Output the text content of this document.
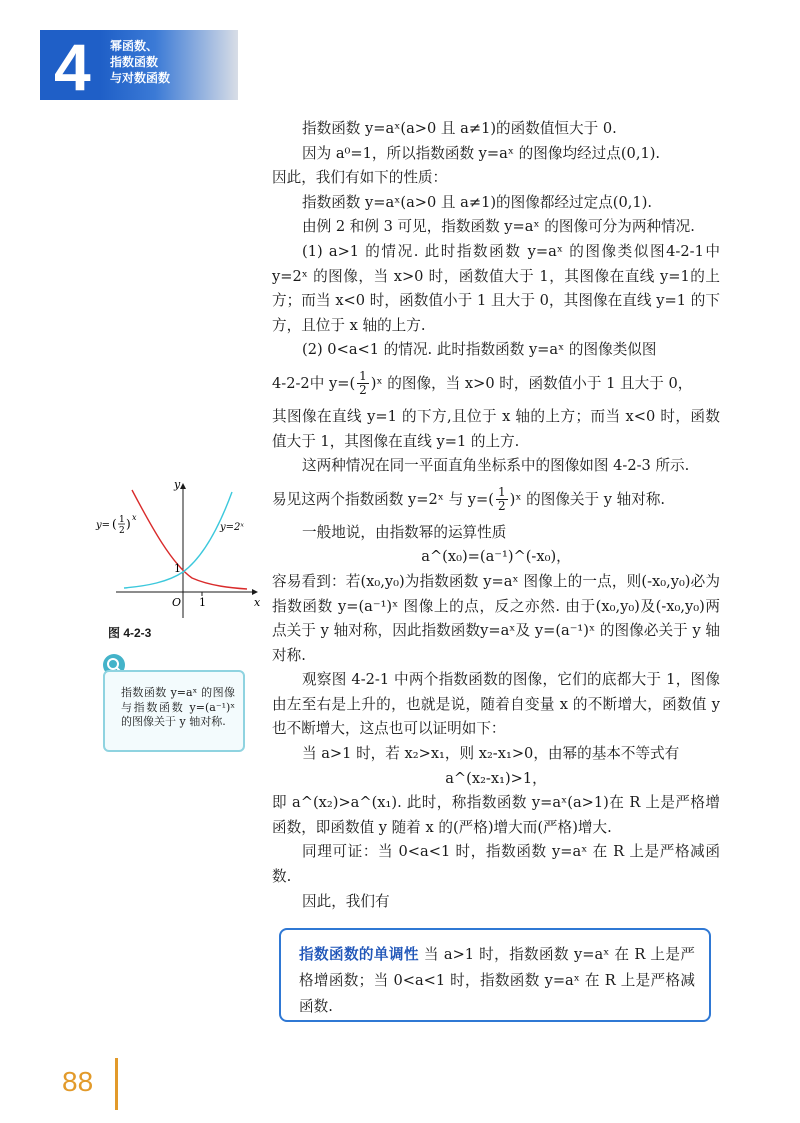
4 幂函数、
指数函数
与对数函数

指数函数 y=aˣ(a>0 且 a≠1)的函数值恒大于 0.

因为 a⁰=1，所以指数函数 y=aˣ 的图像均经过点(0,1).

因此，我们有如下的性质：

指数函数 y=aˣ(a>0 且 a≠1)的图像都经过定点(0,1).

由例 2 和例 3 可见，指数函数 y=aˣ 的图像可分为两种情况.

(1) a>1 的情况. 此时指数函数 y=aˣ 的图像类似图4-2-1中 y=2ˣ 的图像，当 x>0 时，函数值大于 1，其图像在直线 y=1的上方；而当 x<0 时，函数值小于 1 且大于 0，其图像在直线 y=1 的下方，且位于 x 轴的上方.

(2) 0<a<1 的情况. 此时指数函数 y=aˣ 的图像类似图

4-2-2中 $y=( \frac{1}{2}$ )ˣ 的图像，当 x>0 时，函数值小于 1 且大于 0，

其图像在直线 y=1 的下方,且位于 x 轴的上方；而当 x<0 时，函数值大于 1，其图像在直线 y=1 的上方.

这两种情况在同一平面直角坐标系中的图像如图 4-2-3 所示.

易见这两个指数函数 y=2ˣ 与 $y=( \frac{1}{2}$ )ˣ 的图像关于 y 轴对称.

一般地说，由指数幂的运算性质

a^(x₀)=(a⁻¹)^(-x₀)，

容易看到：若(x₀,y₀)为指数函数 y=aˣ 图像上的一点，则(-x₀,y₀)必为指数函数 y=(a⁻¹)ˣ 图像上的点，反之亦然. 由于(x₀,y₀)及(-x₀,y₀)两点关于 y 轴对称，因此指数函数y=aˣ及 y=(a⁻¹)ˣ 的图像必关于 y 轴对称.

观察图 4-2-1 中两个指数函数的图像，它们的底都大于 1，图像由左至右是上升的，也就是说，随着自变量 x 的不断增大，函数值 y 也不断增大，这点也可以证明如下：

当 a>1 时，若 x₂>x₁，则 x₂-x₁>0，由幂的基本不等式有

a^(x₂-x₁)>1，

即 a^(x₂)>a^(x₁). 此时，称指数函数 y=aˣ(a>1)在 R 上是严格增函数，即函数值 y 随着 x 的(严格)增大而(严格)增大.

同理可证：当 0<a<1 时，指数函数 y=aˣ 在 R 上是严格减函数.

因此，我们有

x
y
O 1
1
y= ( 1
2 ) x
y=2ˣ
图 4-2-3
指数函数 y=aˣ 的图像与指数函数 y=(a⁻¹)ˣ 的图像关于 y 轴对称.
指数函数的单调性 当 a>1 时，指数函数 y=aˣ 在 R 上是严格增函数；当 0<a<1 时，指数函数 y=aˣ 在 R 上是严格减函数.
88
